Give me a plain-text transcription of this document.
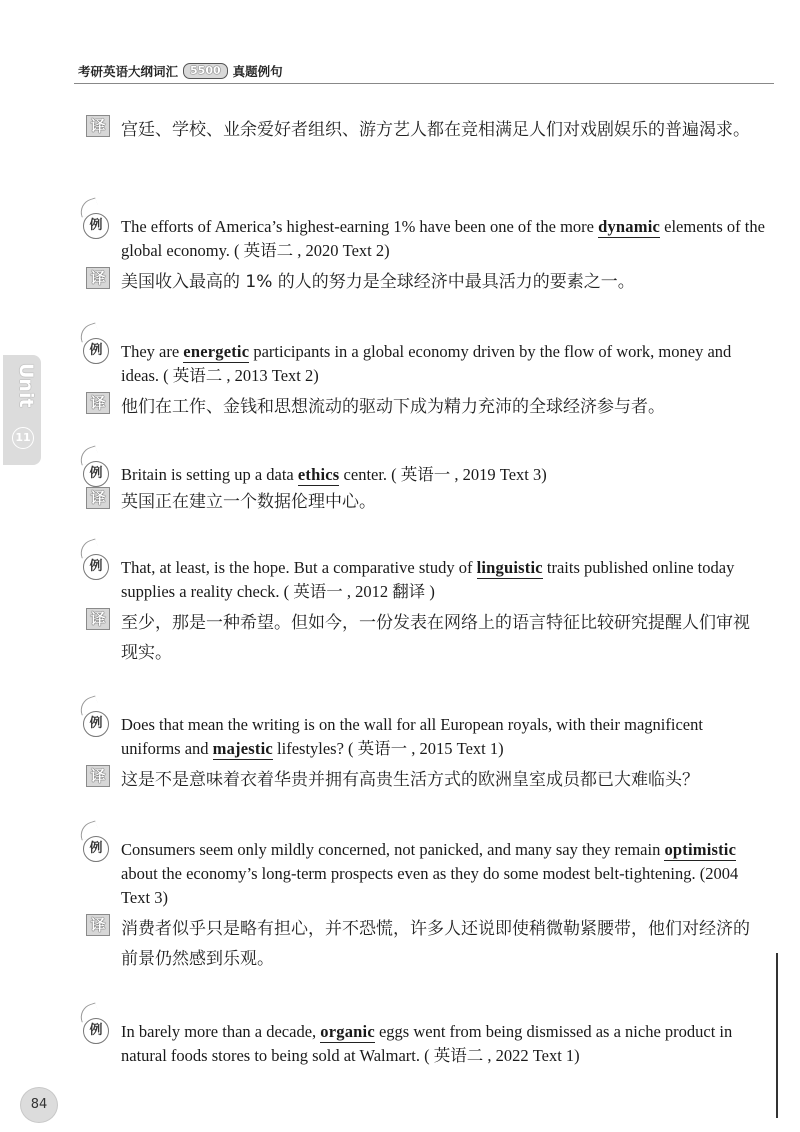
考研英语大纲词汇	5500 真题例句
Unit
11
译 宫廷、学校、业余爱好者组织、游方艺人都在竞相满足人们对戏剧娱乐的普遍渴求。
例	The efforts of America’s highest-earning 1% have been one of the more dynamic elements of the global economy. ( 英语二 , 2020 Text 2)
译 美国收入最高的 1% 的人的努力是全球经济中最具活力的要素之一。
例	They are energetic participants in a global economy driven by the flow of work, money and ideas. ( 英语二 , 2013 Text 2)
译 他们在工作、金钱和思想流动的驱动下成为精力充沛的全球经济参与者。
例	Britain is setting up a data ethics center. ( 英语一 , 2019 Text 3)
译 英国正在建立一个数据伦理中心。
例	That, at least, is the hope. But a comparative study of linguistic traits published online today supplies a reality check. ( 英语一 , 2012 翻译 )
译 至少，那是一种希望。但如今，一份发表在网络上的语言特征比较研究提醒人们审视现实。
例	Does that mean the writing is on the wall for all European royals, with their magnificent uniforms and majestic lifestyles? ( 英语一 , 2015 Text 1)
译 这是不是意味着衣着华贵并拥有高贵生活方式的欧洲皇室成员都已大难临头？
例	Consumers seem only mildly concerned, not panicked, and many say they remain optimistic about the economy’s long-term prospects even as they do some modest belt-tightening. (2004 Text 3)
译 消费者似乎只是略有担心，并不恐慌，许多人还说即使稍微勒紧腰带，他们对经济的前景仍然感到乐观。
例	In barely more than a decade, organic eggs went from being dismissed as a niche product in natural foods stores to being sold at Walmart. ( 英语二 , 2022 Text 1)
84
